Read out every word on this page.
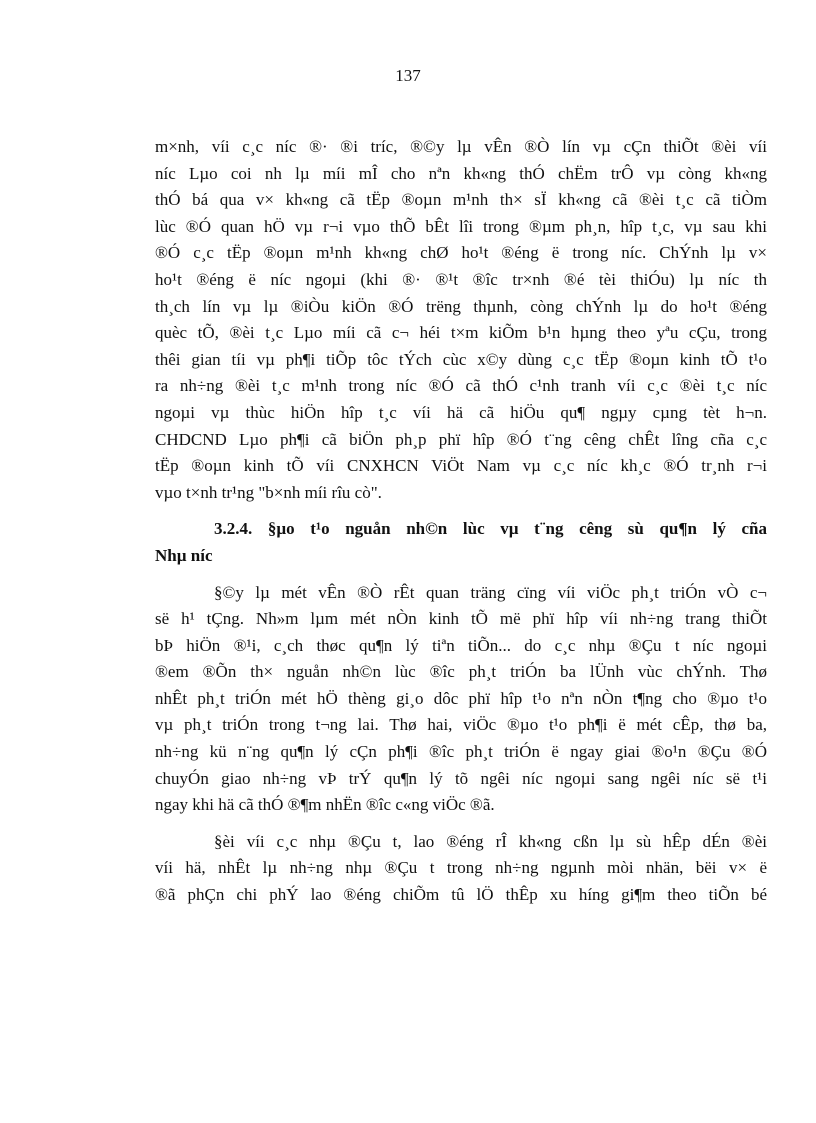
137
m×nh, víi c¸c níc ®· ®i tríc, ®©y lµ vÊn ®Ò lín vµ cÇn thiÕt ®èi víi
níc Lµo coi nh lµ míi mÎ cho nªn kh«ng thÓ chËm trÔ vµ còng kh«ng
thÓ bá qua v× kh«ng cã tËp ®oµn m¹nh th× sÏ kh«ng cã ®èi t¸c cã tiÒm
lùc ®Ó quan hÖ vµ r¬i vµo thÕ bÊt lîi trong ®µm ph¸n, hîp t¸c, vµ sau khi
®Ó c¸c tËp ®oµn m¹nh kh«ng chØ ho¹t ®éng ë trong níc. ChÝnh lµ v×
ho¹t ®éng ë níc ngoµi (khi ®· ®¹t ®îc tr×nh ®é tèi thiÓu) lµ níc th
th¸ch lín vµ lµ ®iÒu kiÖn ®Ó trëng thµnh, còng chÝnh lµ do ho¹t ®éng
quèc tÕ, ®èi t¸c Lµo míi cã c¬ héi t×m kiÕm b¹n hµng theo yªu cÇu, trong
thêi gian tíi vµ ph¶i tiÕp tôc tÝch cùc x©y dùng c¸c tËp ®oµn kinh tÕ t¹o
ra nh÷ng ®èi t¸c m¹nh trong níc ®Ó cã thÓ c¹nh tranh víi c¸c ®èi t¸c níc
ngoµi vµ thùc hiÖn hîp t¸c víi hä cã hiÖu qu¶ ngµy cµng tèt h¬n.
CHDCND Lµo ph¶i cã biÖn ph¸p phï hîp ®Ó t¨ng cêng chÊt lîng cña c¸c
tËp ®oµn kinh tÕ víi CNXHCN ViÖt Nam vµ c¸c níc kh¸c ®Ó tr¸nh r¬i
vµo t×nh tr¹ng "b×nh míi rîu cò".
3.2.4. §µo t¹o nguån nh©n lùc vµ t¨ng cêng sù qu¶n lý cña
Nhµ níc
§©y lµ mét vÊn ®Ò rÊt quan träng cïng víi viÖc ph¸t triÓn vÒ c¬
së h¹ tÇng. Nh»m lµm mét nÒn kinh tÕ më phï hîp víi nh÷ng trang thiÕt
bÞ hiÖn ®¹i, c¸ch thøc qu¶n lý tiªn tiÕn... do c¸c nhµ ®Çu t níc ngoµi
®em ®Õn th× nguån nh©n lùc ®îc ph¸t triÓn ba lÜnh vùc chÝnh. Thø
nhÊt ph¸t triÓn mét hÖ thèng gi¸o dôc phï hîp t¹o nªn nÒn t¶ng cho ®µo t¹o
vµ ph¸t triÓn trong t¬ng lai. Thø hai, viÖc ®µo t¹o ph¶i ë mét cÊp, thø ba,
nh÷ng kü n¨ng qu¶n lý cÇn ph¶i ®îc ph¸t triÓn ë ngay giai ®o¹n ®Çu ®Ó
chuyÓn giao nh÷ng vÞ trÝ qu¶n lý tõ ngêi níc ngoµi sang ngêi níc së t¹i
ngay khi hä cã thÓ ®¶m nhËn ®îc c«ng viÖc ®ã.
§èi víi c¸c nhµ ®Çu t, lao ®éng rÎ kh«ng cßn lµ sù hÊp dÉn ®èi
víi hä, nhÊt lµ nh÷ng nhµ ®Çu t trong nh÷ng ngµnh mòi nhän, bëi v× ë
®ã phÇn chi phÝ lao ®éng chiÕm tû lÖ thÊp xu híng gi¶m theo tiÕn bé
